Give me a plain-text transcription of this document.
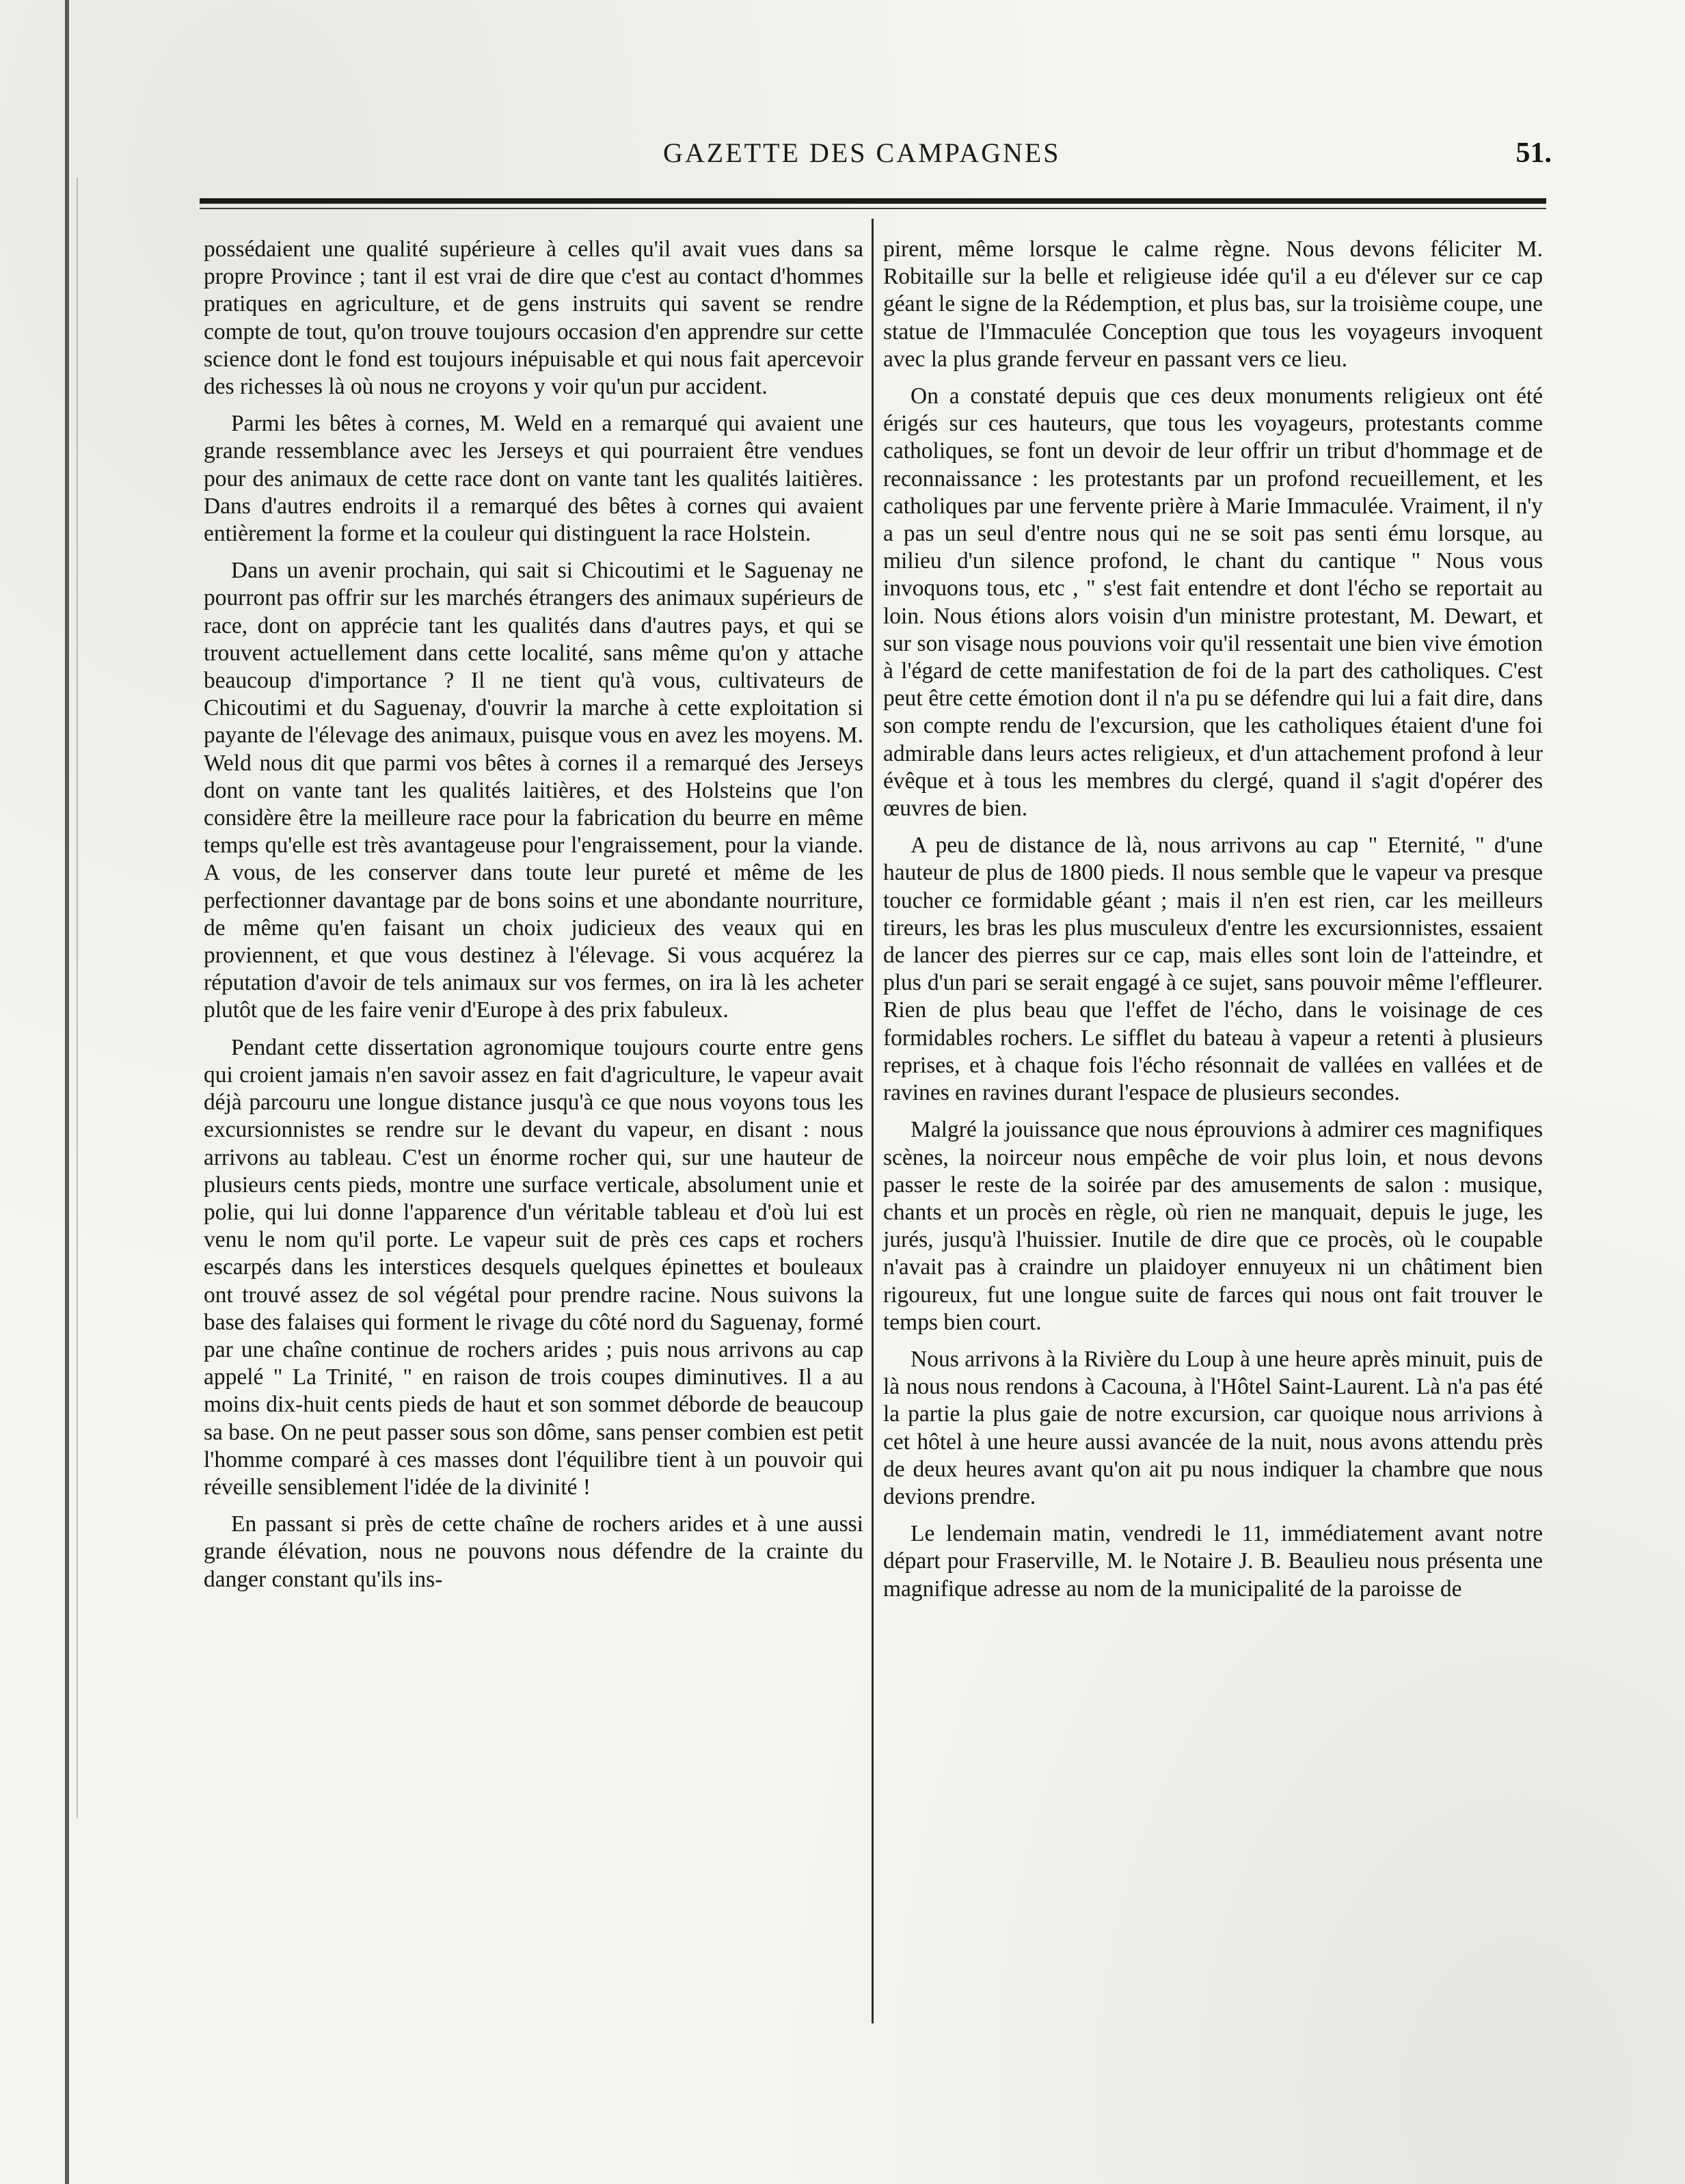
GAZETTE DES CAMPAGNES	51.

possédaient une qualité supérieure à celles qu'il avait vues dans sa propre Province ; tant il est vrai de dire que c'est au contact d'hommes pratiques en agriculture, et de gens instruits qui savent se rendre compte de tout, qu'on trouve toujours occasion d'en apprendre sur cette science dont le fond est toujours inépuisable et qui nous fait apercevoir des richesses là où nous ne croyons y voir qu'un pur accident.

Parmi les bêtes à cornes, M. Weld en a remarqué qui avaient une grande ressemblance avec les Jerseys et qui pourraient être vendues pour des animaux de cette race dont on vante tant les qualités laitières. Dans d'autres endroits il a remarqué des bêtes à cornes qui avaient entièrement la forme et la couleur qui distinguent la race Holstein.

Dans un avenir prochain, qui sait si Chicoutimi et le Saguenay ne pourront pas offrir sur les marchés étrangers des animaux supérieurs de race, dont on apprécie tant les qualités dans d'autres pays, et qui se trouvent actuellement dans cette localité, sans même qu'on y attache beaucoup d'importance ? Il ne tient qu'à vous, cultivateurs de Chicoutimi et du Saguenay, d'ouvrir la marche à cette exploitation si payante de l'élevage des animaux, puisque vous en avez les moyens. M. Weld nous dit que parmi vos bêtes à cornes il a remarqué des Jerseys dont on vante tant les qualités laitières, et des Holsteins que l'on considère être la meilleure race pour la fabrication du beurre en même temps qu'elle est très avantageuse pour l'engraissement, pour la viande. A vous, de les conserver dans toute leur pureté et même de les perfectionner davantage par de bons soins et une abondante nourriture, de même qu'en faisant un choix judicieux des veaux qui en proviennent, et que vous destinez à l'élevage. Si vous acquérez la réputation d'avoir de tels animaux sur vos fermes, on ira là les acheter plutôt que de les faire venir d'Europe à des prix fabuleux.

Pendant cette dissertation agronomique toujours courte entre gens qui croient jamais n'en savoir assez en fait d'agriculture, le vapeur avait déjà parcouru une longue distance jusqu'à ce que nous voyons tous les excursionnistes se rendre sur le devant du vapeur, en disant : nous arrivons au tableau. C'est un énorme rocher qui, sur une hauteur de plusieurs cents pieds, montre une surface verticale, absolument unie et polie, qui lui donne l'apparence d'un véritable tableau et d'où lui est venu le nom qu'il porte. Le vapeur suit de près ces caps et rochers escarpés dans les interstices desquels quelques épinettes et bouleaux ont trouvé assez de sol végétal pour prendre racine. Nous suivons la base des falaises qui forment le rivage du côté nord du Saguenay, formé par une chaîne continue de rochers arides ; puis nous arrivons au cap appelé " La Trinité, " en raison de trois coupes diminutives. Il a au moins dix-huit cents pieds de haut et son sommet déborde de beaucoup sa base. On ne peut passer sous son dôme, sans penser combien est petit l'homme comparé à ces masses dont l'équilibre tient à un pouvoir qui réveille sensiblement l'idée de la divinité !

En passant si près de cette chaîne de rochers arides et à une aussi grande élévation, nous ne pouvons nous défendre de la crainte du danger constant qu'ils ins-

pirent, même lorsque le calme règne. Nous devons féliciter M. Robitaille sur la belle et religieuse idée qu'il a eu d'élever sur ce cap géant le signe de la Rédemption, et plus bas, sur la troisième coupe, une statue de l'Immaculée Conception que tous les voyageurs invoquent avec la plus grande ferveur en passant vers ce lieu.

On a constaté depuis que ces deux monuments religieux ont été érigés sur ces hauteurs, que tous les voyageurs, protestants comme catholiques, se font un devoir de leur offrir un tribut d'hommage et de reconnaissance : les protestants par un profond recueillement, et les catholiques par une fervente prière à Marie Immaculée. Vraiment, il n'y a pas un seul d'entre nous qui ne se soit pas senti ému lorsque, au milieu d'un silence profond, le chant du cantique " Nous vous invoquons tous, etc , " s'est fait entendre et dont l'écho se reportait au loin. Nous étions alors voisin d'un ministre protestant, M. Dewart, et sur son visage nous pouvions voir qu'il ressentait une bien vive émotion à l'égard de cette manifestation de foi de la part des catholiques. C'est peut être cette émotion dont il n'a pu se défendre qui lui a fait dire, dans son compte rendu de l'excursion, que les catholiques étaient d'une foi admirable dans leurs actes religieux, et d'un attachement profond à leur évêque et à tous les membres du clergé, quand il s'agit d'opérer des œuvres de bien.

A peu de distance de là, nous arrivons au cap " Eternité, " d'une hauteur de plus de 1800 pieds. Il nous semble que le vapeur va presque toucher ce formidable géant ; mais il n'en est rien, car les meilleurs tireurs, les bras les plus musculeux d'entre les excursionnistes, essaient de lancer des pierres sur ce cap, mais elles sont loin de l'atteindre, et plus d'un pari se serait engagé à ce sujet, sans pouvoir même l'effleurer. Rien de plus beau que l'effet de l'écho, dans le voisinage de ces formidables rochers. Le sifflet du bateau à vapeur a retenti à plusieurs reprises, et à chaque fois l'écho résonnait de vallées en vallées et de ravines en ravines durant l'espace de plusieurs secondes.

Malgré la jouissance que nous éprouvions à admirer ces magnifiques scènes, la noirceur nous empêche de voir plus loin, et nous devons passer le reste de la soirée par des amusements de salon : musique, chants et un procès en règle, où rien ne manquait, depuis le juge, les jurés, jusqu'à l'huissier. Inutile de dire que ce procès, où le coupable n'avait pas à craindre un plaidoyer ennuyeux ni un châtiment bien rigoureux, fut une longue suite de farces qui nous ont fait trouver le temps bien court.

Nous arrivons à la Rivière du Loup à une heure après minuit, puis de là nous nous rendons à Cacouna, à l'Hôtel Saint-Laurent. Là n'a pas été la partie la plus gaie de notre excursion, car quoique nous arrivions à cet hôtel à une heure aussi avancée de la nuit, nous avons attendu près de deux heures avant qu'on ait pu nous indiquer la chambre que nous devions prendre.

Le lendemain matin, vendredi le 11, immédiatement avant notre départ pour Fraserville, M. le Notaire J. B. Beaulieu nous présenta une magnifique adresse au nom de la municipalité de la paroisse de
